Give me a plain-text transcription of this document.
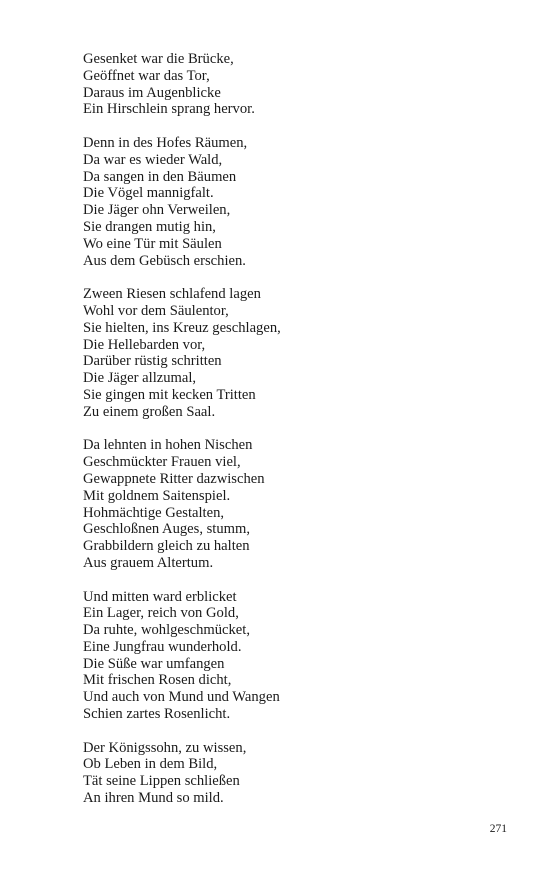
Gesenket war die Brücke,
Geöffnet war das Tor,
Daraus im Augenblicke
Ein Hirschlein sprang hervor.
Denn in des Hofes Räumen,
Da war es wieder Wald,
Da sangen in den Bäumen
Die Vögel mannigfalt.
Die Jäger ohn Verweilen,
Sie drangen mutig hin,
Wo eine Tür mit Säulen
Aus dem Gebüsch erschien.
Zween Riesen schlafend lagen
Wohl vor dem Säulentor,
Sie hielten, ins Kreuz geschlagen,
Die Hellebarden vor,
Darüber rüstig schritten
Die Jäger allzumal,
Sie gingen mit kecken Tritten
Zu einem großen Saal.
Da lehnten in hohen Nischen
Geschmückter Frauen viel,
Gewappnete Ritter dazwischen
Mit goldnem Saitenspiel.
Hohmächtige Gestalten,
Geschloßnen Auges, stumm,
Grabbildern gleich zu halten
Aus grauem Altertum.
Und mitten ward erblicket
Ein Lager, reich von Gold,
Da ruhte, wohlgeschmücket,
Eine Jungfrau wunderhold.
Die Süße war umfangen
Mit frischen Rosen dicht,
Und auch von Mund und Wangen
Schien zartes Rosenlicht.
Der Königssohn, zu wissen,
Ob Leben in dem Bild,
Tät seine Lippen schließen
An ihren Mund so mild.
271
